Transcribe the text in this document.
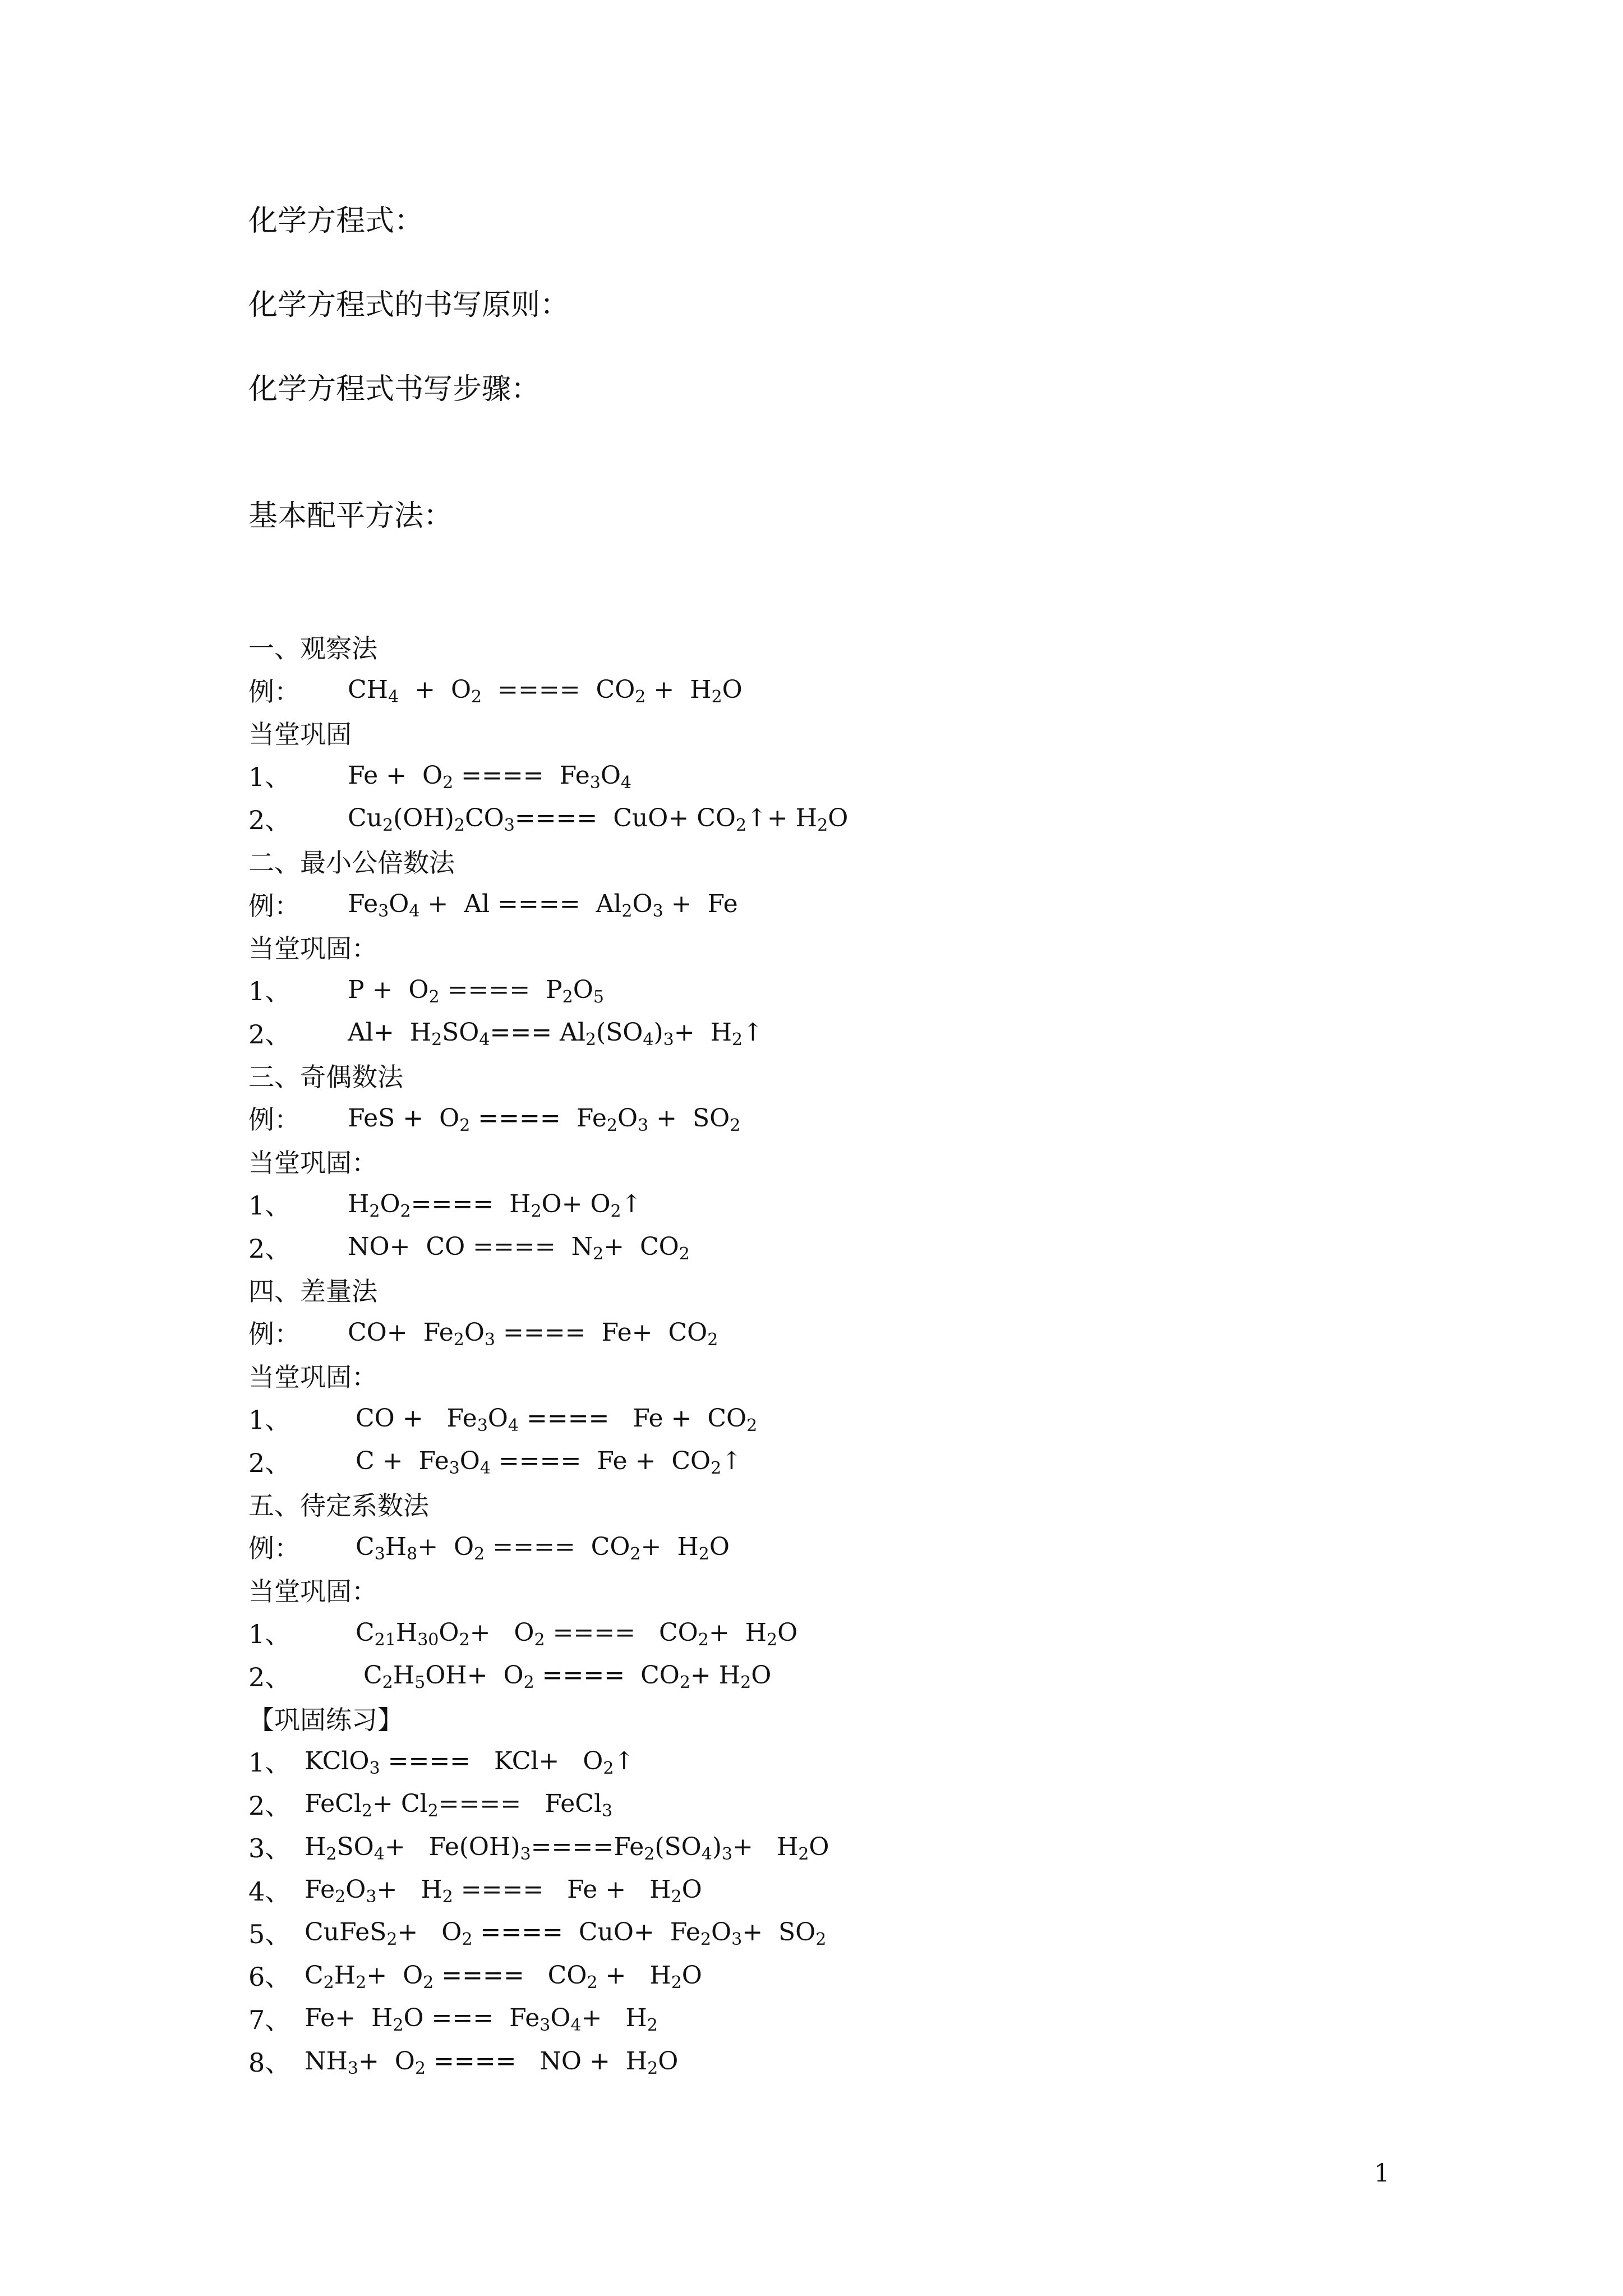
化学方程式：
化学方程式的书写原则：
化学方程式书写步骤：
基本配平方法：
一、观察法
例：	$CH_4 + O_2$  ====  $CO_2 + H_2O$
当堂巩固
1、	$Fe + O_2$ ====  $Fe_3O_4$
2、	$Cu_2(OH)_2CO_3==== CuO+$ $CO_2↑+ H_2O$
二、最小公倍数法
例：	$Fe_3O_4 + Al$ ====  $Al_2O_3 + Fe$
当堂巩固：
1、	$P + O_2$ ====  $P_2O_5$
2、	$Al+ H_2SO_4=== Al_2(SO_4)_3+$  $H_2↑$
三、奇偶数法
例：	FeS +  $O_2$ ====  $Fe_2O_3 + SO_2$
当堂巩固：
1、	$H_2O_2==== H_2O+$ $O_2↑$
2、	NO+  CO ====  $N_2+ CO_2$
四、差量法
例：	$CO+ Fe_2O_3$ ====  $Fe+ CO_2$
当堂巩固：
1、	CO +   $Fe_3O_4$ ====   $Fe + CO_2$
2、	$C + Fe_3O_4$ ====  $Fe + CO_2↑$
五、待定系数法
例：	$C_3H_8+ O_2$ ====  $CO_2+ H_2O$
当堂巩固：
1、	$C_{21}H_{30}O_2+ O_2$ ====   $CO_2+ H_2O$
2、	$C_2H_5OH+ O_2$ ====  $CO_2+ H_2O$
【巩固练习】
1、 KClO$_3$ ====   $KCl+ O_2↑$
2、 FeCl$_2$+ $Cl_2====$   FeCl$_3$
3、 $H_2SO_4+ Fe(OH)_3====Fe_2(SO_4)_3+ H_2O$
4、 $Fe_2O_3+ H_2$ ====   $Fe + H_2O$
5、 CuFeS$_2$+   $O_2$ ====  $CuO+ Fe_2O_3+ SO_2$
6、 $C_2H_2+ O_2$ ====   $CO_2 + H_2O$
7、 $Fe+ H_2O$ ===  $Fe_3O_4+ H_2$
8、 $NH_3+ O_2$ ====   NO +  $H_2O$
1
